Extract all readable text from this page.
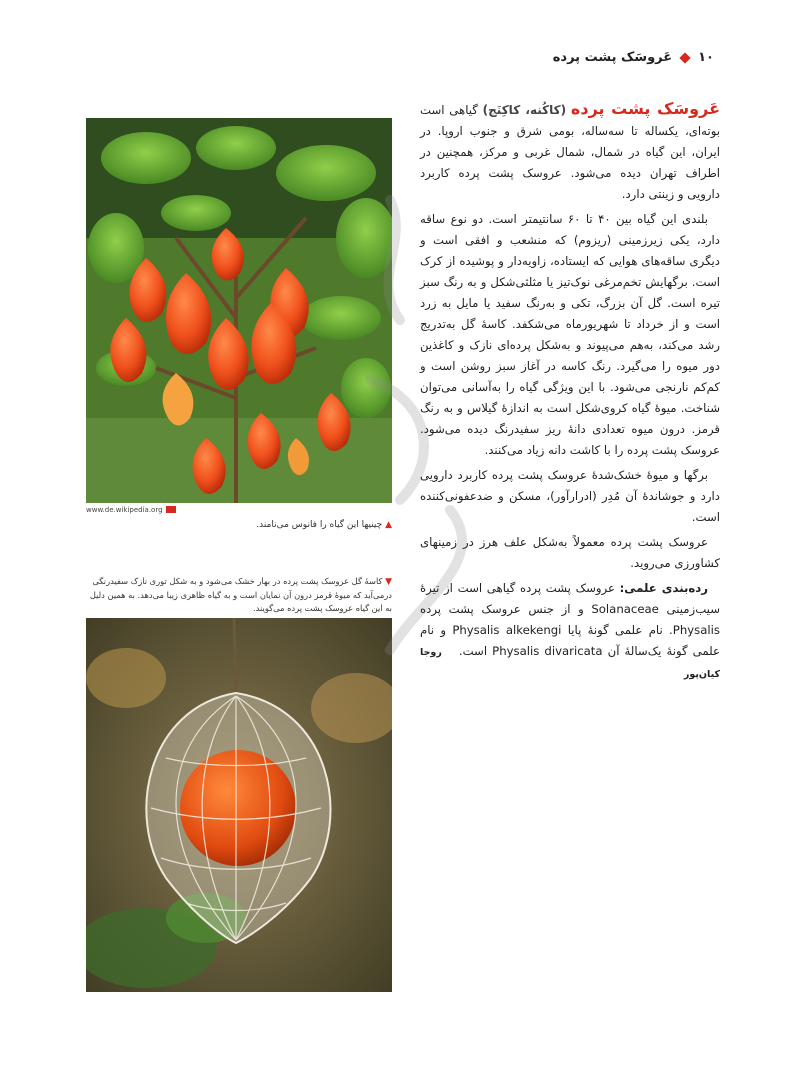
۱۰
عَروسَک پشت پرده
www.de.wikipedia.org
▲ چینیها این گیاه را فانوس می‌نامند.
▼ کاسهٔ گل عروسک پشت پرده در بهار خشک می‌شود و به شکل توری نازک سفیدرنگی درمی‌آید که میوهٔ قرمز درون آن نمایان است و به گیاه ظاهری زیبا می‌دهد. به همین دلیل به این گیاه عروسک پشت پرده می‌گویند.

عَروسَک پشت پرده (کاکُنه، کاکِنَج) گیاهی است بوته‌ای، یکساله تا سه‌ساله، بومی شرق و جنوب اروپا. در ایران، این گیاه در شمال، شمال غربی و مرکز، همچنین در اطراف تهران دیده می‌شود. عروسک پشت پرده کاربرد دارویی و زینتی دارد.

بلندی این گیاه بین ۴۰ تا ۶۰ سانتیمتر است. دو نوع ساقه دارد، یکی زیرزمینی (ریزوم) که منشعب و افقی است و دیگری ساقه‌های هوایی که ایستاده، زاویه‌دار و پوشیده از کرک است. برگهایش تخم‌مرغی نوک‌تیز یا مثلثی‌شکل و به رنگ سبز تیره است. گل آن بزرگ، تکی و به‌رنگ سفید یا مایل به زرد است و از خرداد تا شهریورماه می‌شکفد. کاسهٔ گل به‌تدریج رشد می‌کند، به‌هم می‌پیوند و به‌شکل پرده‌ای نازک و کاغذین دور میوه را می‌گیرد. رنگ کاسه در آغاز سبز روشن است و کم‌کم نارنجی می‌شود. با این ویژگی گیاه را به‌آسانی می‌توان شناخت. میوهٔ گیاه کروی‌شکل است به اندازهٔ گیلاس و به رنگ قرمز. درون میوه تعدادی دانهٔ ریز سفیدرنگ دیده می‌شود. عروسک پشت پرده را با کاشت دانه زیاد می‌کنند.

برگها و میوهٔ خشک‌شدهٔ عروسک پشت پرده کاربرد دارویی دارد و جوشاندهٔ آن مُدِر (ادرارآور)، مسکن و ضدعفونی‌کننده است.

عروسک پشت پرده معمولاً به‌شکل علف هرز در زمینهای کشاورزی می‌روید.

رده‌بندی علمی: عروسک پشت پرده گیاهی است از تیرهٔ سیب‌زمینی Solanaceae و از جنس عروسک پشت پرده Physalis. نام علمی گونهٔ پایا Physalis alkekengi و نام علمی گونهٔ یک‌سالهٔ آن Physalis divaricata است. روجا کیان‌پور
